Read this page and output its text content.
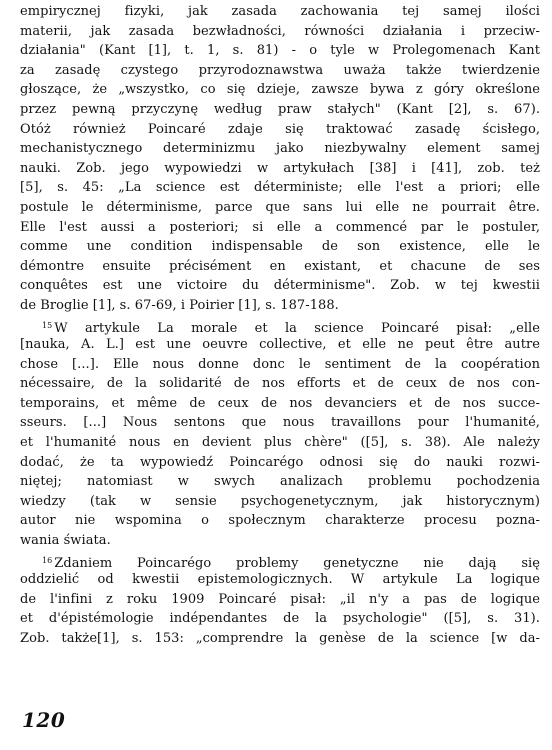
empirycznej fizyki, jak zasada zachowania tej samej ilości
materii, jak zasada bezwładności, równości działania i przeciw-
działania" (Kant [1], t. 1, s. 81) - o tyle w Prolegomenach Kant
za zasadę czystego przyrodoznawstwa uważa także twierdzenie
głoszące, że „wszystko, co się dzieje, zawsze bywa z góry określone
przez pewną przyczynę według praw stałych" (Kant [2], s. 67).
Otóż również Poincaré zdaje się traktować zasadę ścisłego,
mechanistycznego determinizmu jako niezbywalny element samej
nauki. Zob. jego wypowiedzi w artykułach [38] i [41], zob. też
[5], s. 45: „La science est déterministe; elle l'est a priori; elle
postule le déterminisme, parce que sans lui elle ne pourrait être.
Elle l'est aussi a posteriori; si elle a commencé par le postuler,
comme une condition indispensable de son existence, elle le
démontre ensuite précisément en existant, et chacune de ses
conquêtes est une victoire du déterminisme". Zob. w tej kwestii
de Broglie [1], s. 67-69, i Poirier [1], s. 187-188.
$^{15}$ W artykule La morale et la science Poincaré pisał: „elle
[nauka, A. L.] est une oeuvre collective, et elle ne peut être autre
chose [...]. Elle nous donne donc le sentiment de la coopération
nécessaire, de la solidarité de nos efforts et de ceux de nos con-
temporains, et même de ceux de nos devanciers et de nos succe-
sseurs. [...] Nous sentons que nous travaillons pour l'humanité,
et l'humanité nous en devient plus chère" ([5], s. 38). Ale należy
dodać, że ta wypowiedź Poincarégo odnosi się do nauki rozwi-
niętej; natomiast w swych analizach problemu pochodzenia
wiedzy (tak w sensie psychogenetycznym, jak historycznym)
autor nie wspomina o społecznym charakterze procesu pozna-
wania świata.
$^{16}$ Zdaniem Poincarégo problemy genetyczne nie dają się
oddzielić od kwestii epistemologicznych. W artykule La logique
de l'infini z roku 1909 Poincaré pisał: „il n'y a pas de logique
et d'épistémologie indépendantes de la psychologie" ([5], s. 31).
Zob. także[1], s. 153: „comprendre la genèse de la science [w da-
120
